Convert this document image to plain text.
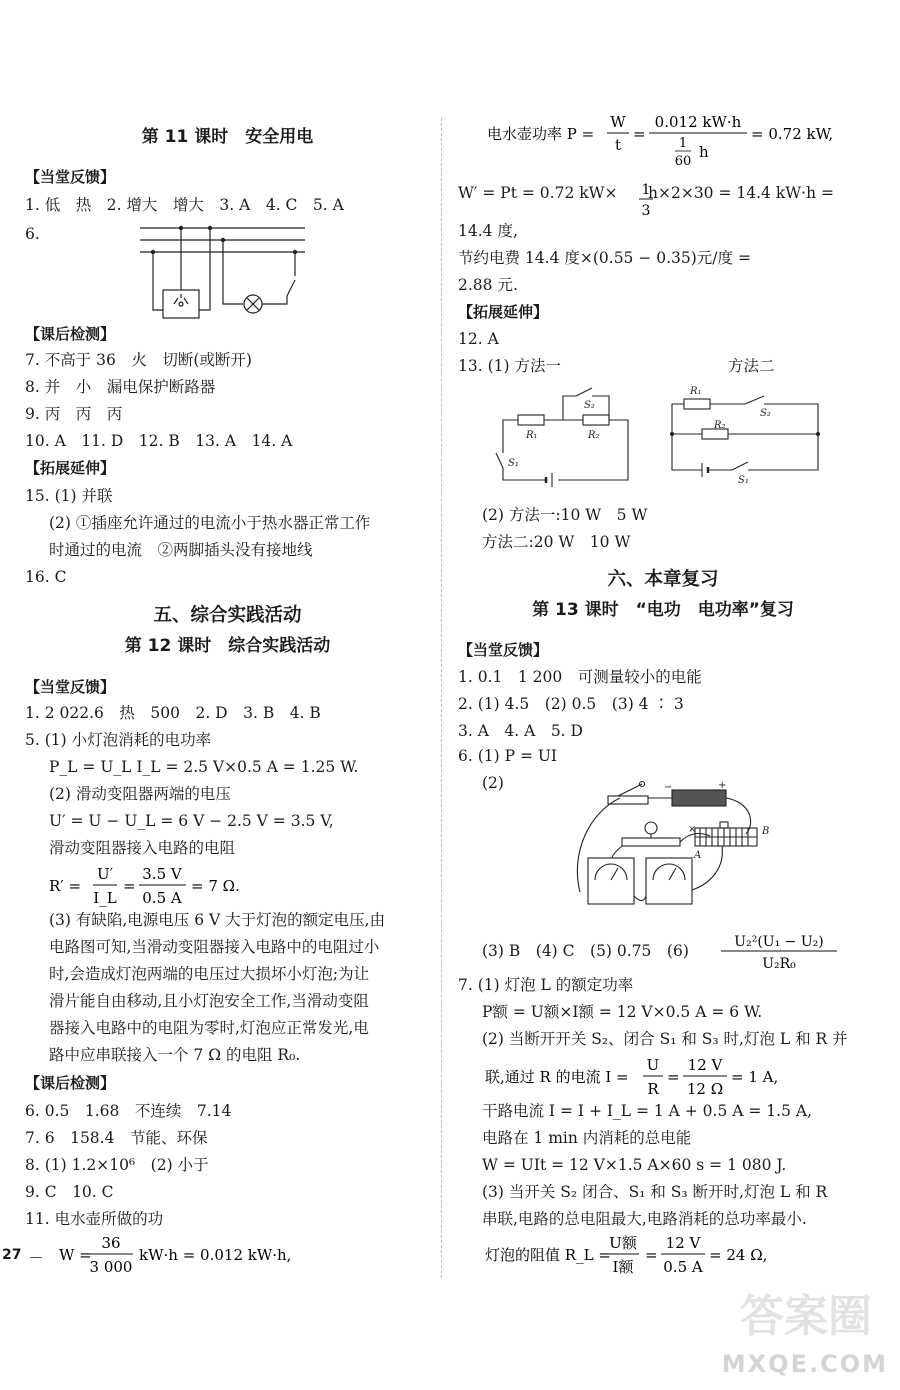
第 11 课时　安全用电
【当堂反馈】
1. 低　热　2. 增大　增大　3. A　4. C　5. A
6.
【课后检测】
7. 不高于 36　火　切断(或断开)
8. 并　小　漏电保护断路器
9. 丙　丙　丙
10. A　11. D　12. B　13. A　14. A
【拓展延伸】
15. (1) 并联
(2) ①插座允许通过的电流小于热水器正常工作
时通过的电流　②两脚插头没有接地线
16. C
五、综合实践活动
第 12 课时　综合实践活动
【当堂反馈】
1. 2 022.6　热　500　2. D　3. B　4. B
5. (1) 小灯泡消耗的电功率
P_L = U_L I_L = 2.5 V×0.5 A = 1.25 W.
(2) 滑动变阻器两端的电压
U′ = U − U_L = 6 V − 2.5 V = 3.5 V,
滑动变阻器接入电路的电阻
(3) 有缺陷,电源电压 6 V 大于灯泡的额定电压,由
电路图可知,当滑动变阻器接入电路中的电阻过小
时,会造成灯泡两端的电压过大损坏小灯泡;为让
滑片能自由移动,且小灯泡安全工作,当滑动变阻
器接入电路中的电阻为零时,灯泡应正常发光,电
路中应串联接入一个 7 Ω 的电阻 R₀.
【课后检测】
6. 0.5　1.68　不连续　7.14
7. 6　158.4　节能、环保
8. (1) 1.2×10⁶　(2) 小于
9. C　10. C
11. 电水壶所做的功
W′ = Pt = 0.72 kW× h×2×30 = 14.4 kW·h =
14.4 度,
节约电费 14.4 度×(0.55 − 0.35)元/度 =
2.88 元.
【拓展延伸】
12. A
13. (1) 方法一	方法二
(2) 方法一:10 W　5 W
方法二:20 W　10 W
六、本章复习
第 13 课时　“电功　电功率”复习
【当堂反馈】
1. 0.1　1 200　可测量较小的电能
2. (1) 4.5　(2) 0.5　(3) 4 ∶ 3
3. A　4. A　5. D
6. (1) P = UI
(2)
(3) B　(4) C　(5) 0.75　(6)
7. (1) 灯泡 L 的额定功率
P额 = U额×I额 = 12 V×0.5 A = 6 W.
(2) 当断开开关 S₂、闭合 S₁ 和 S₃ 时,灯泡 L 和 R 并
干路电流 I = I + I_L = 1 A + 0.5 A = 1.5 A,
电路在 1 min 内消耗的总电能
W = UIt = 12 V×1.5 A×60 s = 1 080 J.
(3) 当开关 S₂ 闭合、S₁ 和 S₃ 断开时,灯泡 L 和 R
串联,电路的总电阻最大,电路消耗的总功率最小.
R′ =
U′
I_L
=
3.5 V
0.5 A
= 7 Ω.
W =
36
3 000
kW·h = 0.012 kW·h,
电水壶功率 P =
W
t
=
0.012 kW·h
1
60
h
= 0.72 kW,
1
3
U₂²(U₁ − U₂)
U₂R₀
联,通过 R 的电流 I =
U
R
=
12 V
12 Ω
= 1 A,
灯泡的阻值 R_L =
U额
I额
=
12 V
0.5 A
= 24 Ω,
R₁	R₂
S₁
S₂
R₁
R₂
S₁
S₂
−	+
×
A
B
27
答案圈
MXQE.COM
